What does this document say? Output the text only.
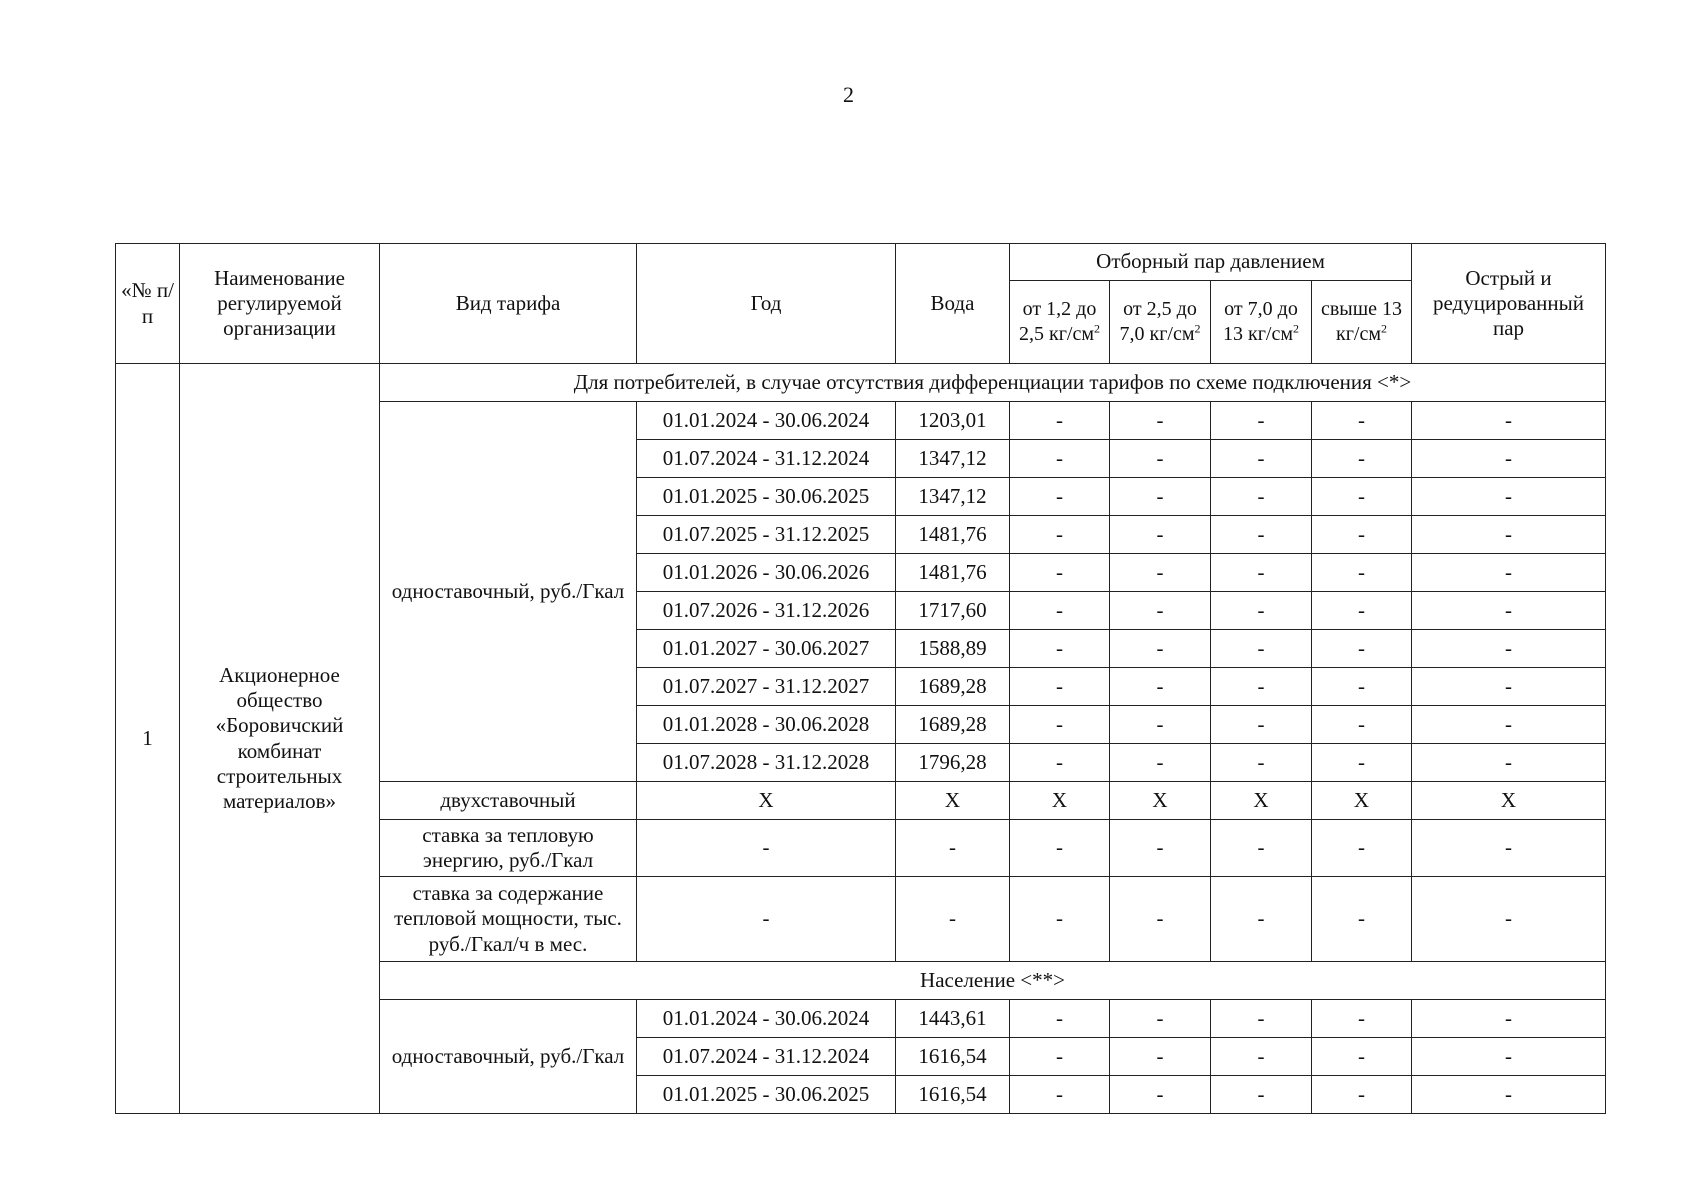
2
«№ п/п	Наименование регулируемой организации	Вид тарифа	Год	Вода	Отборный пар давлением				Острый и редуцированный пар
					от 1,2 до 2,5 $кг/см^2$	от 2,5 до 7,0 $кг/см^2$	от 7,0 до 13 $кг/см^2$	свыше 13 $кг/см^2$
1	Акционерное общество «Боровичский комбинат строительных материалов»	Для потребителей, в случае отсутствия дифференциации тарифов по схеме подключения <*>							
		одноставочный, руб./Гкал	01.01.2024 - 30.06.2024	1203,01	-	-	-	-	-
			01.07.2024 - 31.12.2024	1347,12	-	-	-	-	-
			01.01.2025 - 30.06.2025	1347,12	-	-	-	-	-
			01.07.2025 - 31.12.2025	1481,76	-	-	-	-	-
			01.01.2026 - 30.06.2026	1481,76	-	-	-	-	-
			01.07.2026 - 31.12.2026	1717,60	-	-	-	-	-
			01.01.2027 - 30.06.2027	1588,89	-	-	-	-	-
			01.07.2027 - 31.12.2027	1689,28	-	-	-	-	-
			01.01.2028 - 30.06.2028	1689,28	-	-	-	-	-
			01.07.2028 - 31.12.2028	1796,28	-	-	-	-	-
		двухставочный	Х	Х	Х	Х	Х	Х	Х
		ставка за тепловую энергию, руб./Гкал	-	-	-	-	-	-	-
		ставка за содержание тепловой мощности, тыс. руб./Гкал/ч в мес.	-	-	-	-	-	-	-
		Население <**>							
		одноставочный, руб./Гкал	01.01.2024 - 30.06.2024	1443,61	-	-	-	-	-
			01.07.2024 - 31.12.2024	1616,54	-	-	-	-	-
			01.01.2025 - 30.06.2025	1616,54	-	-	-	-	-
